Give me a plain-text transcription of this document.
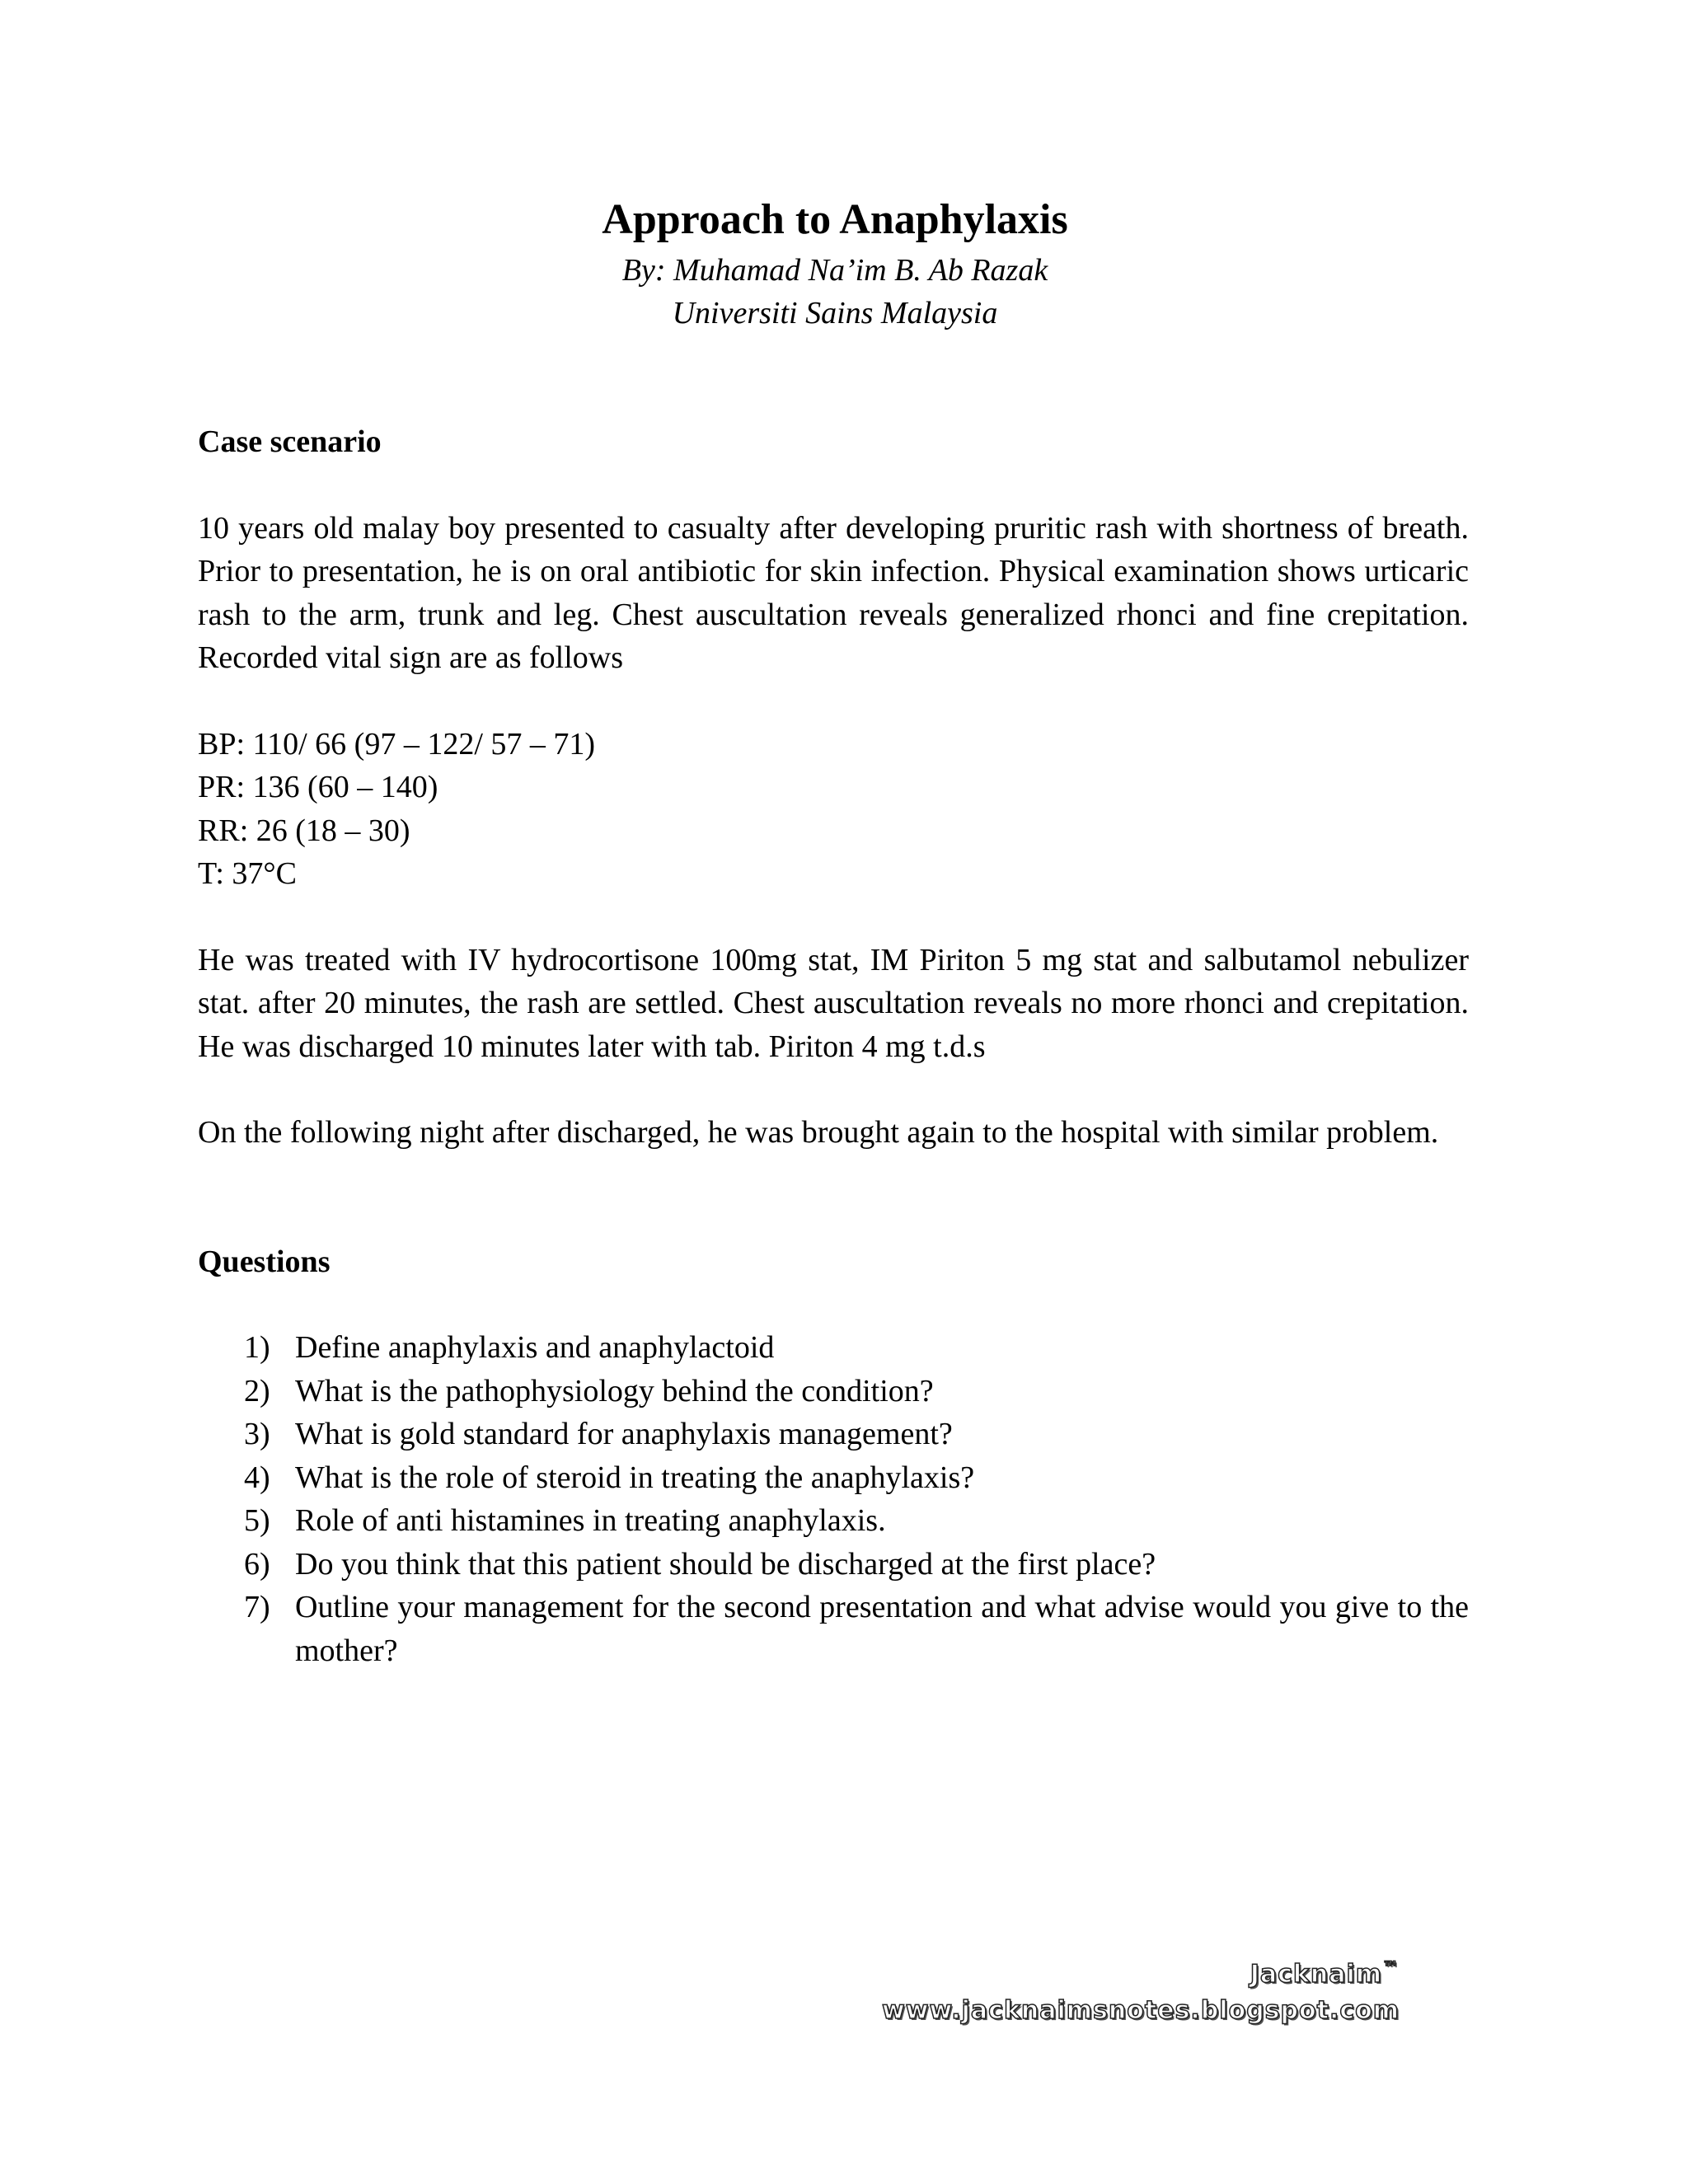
Approach to Anaphylaxis

By: Muhamad Na’im B. Ab Razak

Universiti Sains Malaysia

Case scenario

10 years old malay boy presented to casualty after developing pruritic rash with shortness of breath. Prior to presentation, he is on oral antibiotic for skin infection. Physical examination shows urticaric rash to the arm, trunk and leg. Chest auscultation reveals generalized rhonci and fine crepitation. Recorded vital sign are as follows

BP: 110/ 66 (97 – 122/ 57 – 71)

PR: 136 (60 – 140)

RR: 26 (18 – 30)

T: 37°C

He was treated with IV hydrocortisone 100mg stat, IM Piriton 5 mg stat and salbutamol nebulizer stat. after 20 minutes, the rash are settled. Chest auscultation reveals no more rhonci and crepitation. He was discharged 10 minutes later with tab. Piriton 4 mg t.d.s

On the following night after discharged, he was brought again to the hospital with similar problem.

Questions

1) Define anaphylaxis and anaphylactoid
2) What is the pathophysiology behind the condition?
3) What is gold standard for anaphylaxis management?
4) What is the role of steroid in treating the anaphylaxis?
5) Role of anti histamines in treating anaphylaxis.
6) Do you think that this patient should be discharged at the first place?
7) Outline your management for the second presentation and what advise would you give to the mother?
Jacknaim™
www.jacknaimsnotes.blogspot.com
